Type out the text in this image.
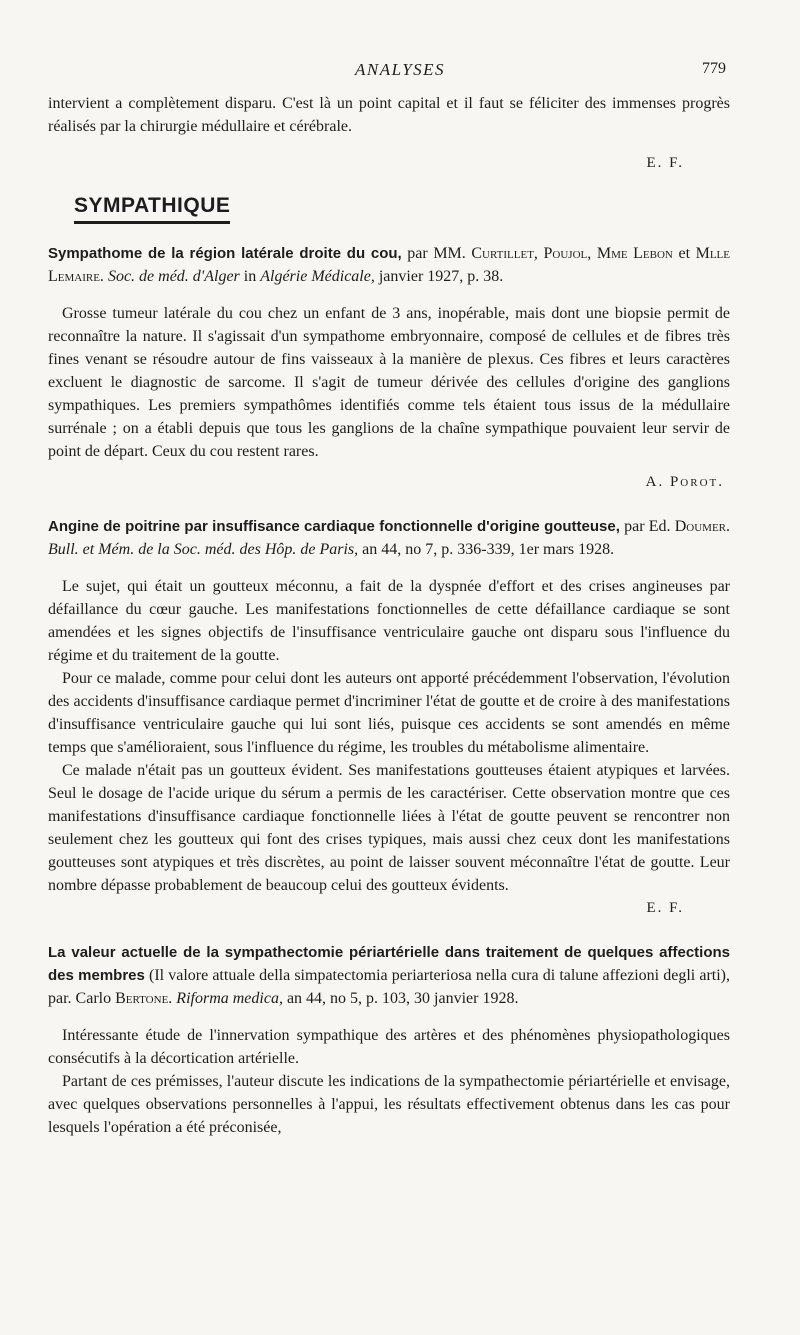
ANALYSES	779

intervient a complètement disparu. C'est là un point capital et il faut se féliciter des immenses progrès réalisés par la chirurgie médullaire et cérébrale.

E. F.

SYMPATHIQUE

Sympathome de la région latérale droite du cou, par MM. Curtillet, Poujol, Mme Lebon et Mlle Lemaire. Soc. de méd. d'Alger in Algérie Médicale, janvier 1927, p. 38.

Grosse tumeur latérale du cou chez un enfant de 3 ans, inopérable, mais dont une biopsie permit de reconnaître la nature. Il s'agissait d'un sympathome embryonnaire, composé de cellules et de fibres très fines venant se résoudre autour de fins vaisseaux à la manière de plexus. Ces fibres et leurs caractères excluent le diagnostic de sarcome. Il s'agit de tumeur dérivée des cellules d'origine des ganglions sympathiques. Les premiers sympathômes identifiés comme tels étaient tous issus de la médullaire surrénale ; on a établi depuis que tous les ganglions de la chaîne sympathique pouvaient leur servir de point de départ. Ceux du cou restent rares.

A. Porot.

Angine de poitrine par insuffisance cardiaque fonctionnelle d'origine goutteuse, par Ed. Doumer. Bull. et Mém. de la Soc. méd. des Hôp. de Paris, an 44, no 7, p. 336-339, 1er mars 1928.

Le sujet, qui était un goutteux méconnu, a fait de la dyspnée d'effort et des crises angineuses par défaillance du cœur gauche. Les manifestations fonctionnelles de cette défaillance cardiaque se sont amendées et les signes objectifs de l'insuffisance ventriculaire gauche ont disparu sous l'influence du régime et du traitement de la goutte.

Pour ce malade, comme pour celui dont les auteurs ont apporté précédemment l'observation, l'évolution des accidents d'insuffisance cardiaque permet d'incriminer l'état de goutte et de croire à des manifestations d'insuffisance ventriculaire gauche qui lui sont liés, puisque ces accidents se sont amendés en même temps que s'amélioraient, sous l'influence du régime, les troubles du métabolisme alimentaire.

Ce malade n'était pas un goutteux évident. Ses manifestations goutteuses étaient atypiques et larvées. Seul le dosage de l'acide urique du sérum a permis de les caractériser. Cette observation montre que ces manifestations d'insuffisance cardiaque fonctionnelle liées à l'état de goutte peuvent se rencontrer non seulement chez les goutteux qui font des crises typiques, mais aussi chez ceux dont les manifestations goutteuses sont atypiques et très discrètes, au point de laisser souvent méconnaître l'état de goutte. Leur nombre dépasse probablement de beaucoup celui des goutteux évidents.

E. F.

La valeur actuelle de la sympathectomie périartérielle dans traitement de quelques affections des membres (Il valore attuale della simpatectomia periarteriosa nella cura di talune affezioni degli arti), par. Carlo Bertone. Riforma medica, an 44, no 5, p. 103, 30 janvier 1928.

Intéressante étude de l'innervation sympathique des artères et des phénomènes physiopathologiques consécutifs à la décortication artérielle.

Partant de ces prémisses, l'auteur discute les indications de la sympathectomie périartérielle et envisage, avec quelques observations personnelles à l'appui, les résultats effectivement obtenus dans les cas pour lesquels l'opération a été préconisée,
